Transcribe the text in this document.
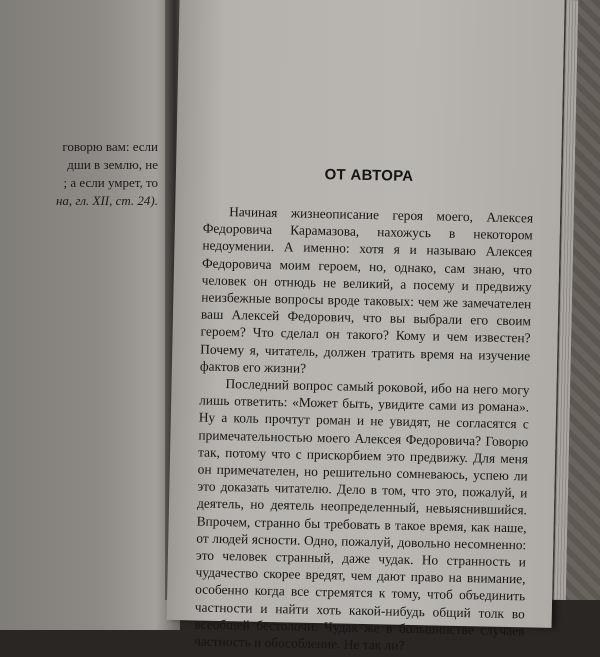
говорю вам: если
дши в землю, не
; а если умрет, то
на, гл. XII, ст. 24).
ОТ АВТОРА

Начиная жизнеописание героя моего, Алексея Федоровича Карамазова, нахожусь в некотором недоумении. А именно: хотя я и называю Алексея Федоровича моим героем, но, однако, сам знаю, что человек он отнюдь не великий, а посему и предвижу неизбежные вопросы вроде таковых: чем же замечателен ваш Алексей Федорович, что вы выбрали его своим героем? Что сделал он такого? Кому и чем известен? Почему я, читатель, должен тратить время на изучение фактов его жизни?

Последний вопрос самый роковой, ибо на него могу лишь ответить: «Может быть, увидите сами из романа». Ну а коль прочтут роман и не увидят, не согласятся с примечательностью моего Алексея Федоровича? Говорю так, потому что с прискорбием это предвижу. Для меня он примечателен, но решительно сомневаюсь, успею ли это доказать читателю. Дело в том, что это, пожалуй, и деятель, но деятель неопределенный, невыяснившийся. Впрочем, странно бы требовать в такое время, как наше, от людей ясности. Одно, пожалуй, довольно несомненно: это человек странный, даже чудак. Но странность и чудачество скорее вредят, чем дают право на внимание, особенно когда все стремятся к тому, чтоб объединить частности и найти хоть какой-нибудь общий толк во всеобщей бестолочи. Чудак же в большинстве случаев частность и обособление. Не так ли?
